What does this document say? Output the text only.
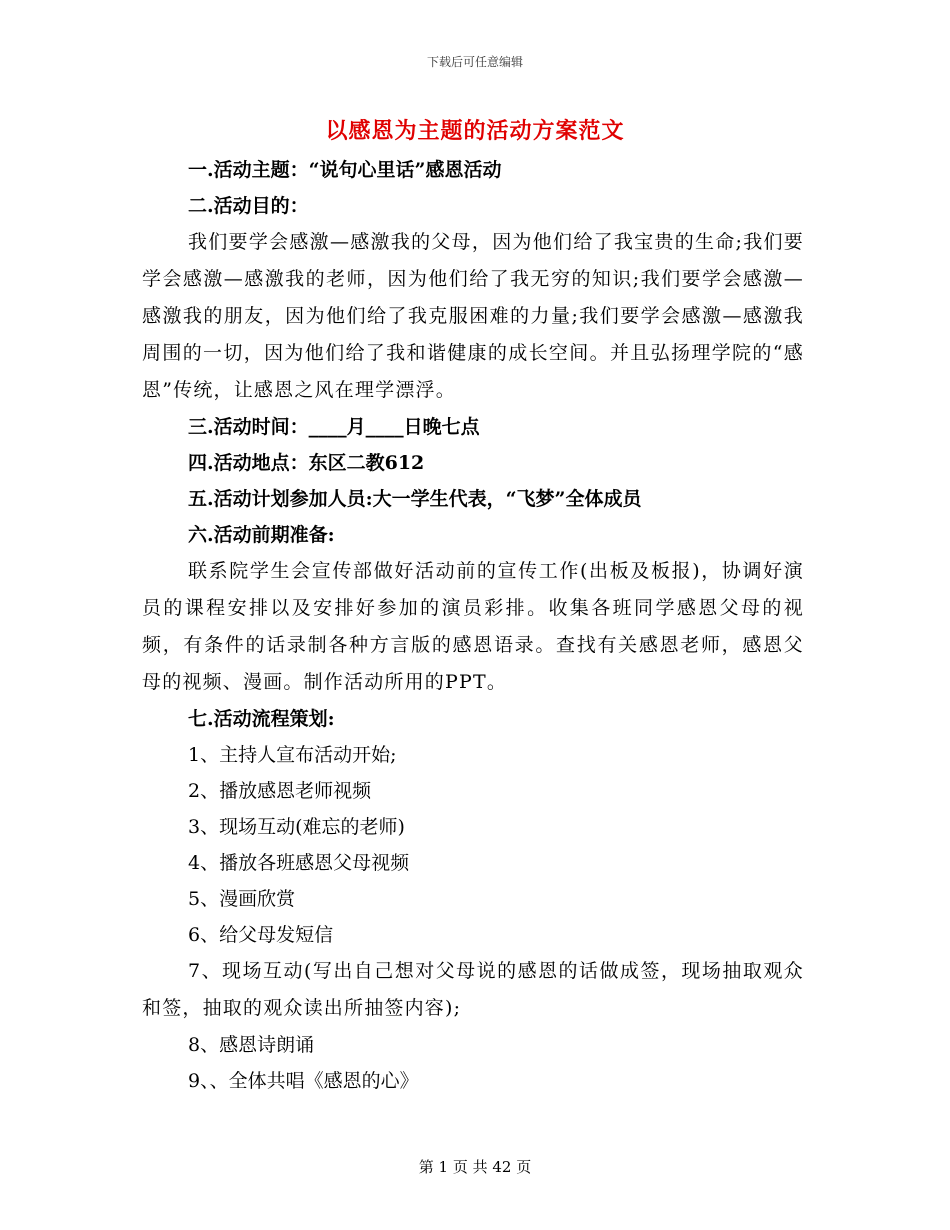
下载后可任意编辑
以感恩为主题的活动方案范文
一.活动主题：“说句心里话”感恩活动
二.活动目的：
我们要学会感激—感激我的父母，因为他们给了我宝贵的生命;我们要学会感激—感激我的老师，因为他们给了我无穷的知识;我们要学会感激—感激我的朋友，因为他们给了我克服困难的力量;我们要学会感激—感激我周围的一切，因为他们给了我和谐健康的成长空间。并且弘扬理学院的“感恩”传统，让感恩之风在理学漂浮。
三.活动时间：____月____日晚七点
四.活动地点：东区二教612
五.活动计划参加人员:大一学生代表，“飞梦”全体成员
六.活动前期准备:
联系院学生会宣传部做好活动前的宣传工作(出板及板报)，协调好演员的课程安排以及安排好参加的演员彩排。收集各班同学感恩父母的视频，有条件的话录制各种方言版的感恩语录。查找有关感恩老师，感恩父母的视频、漫画。制作活动所用的PPT。
七.活动流程策划:
1、主持人宣布活动开始;
2、播放感恩老师视频
3、现场互动(难忘的老师)
4、播放各班感恩父母视频
5、漫画欣赏
6、给父母发短信
7、现场互动(写出自己想对父母说的感恩的话做成签，现场抽取观众和签，抽取的观众读出所抽签内容);
8、感恩诗朗诵
9、、全体共唱《感恩的心》
第 1 页 共 42 页
